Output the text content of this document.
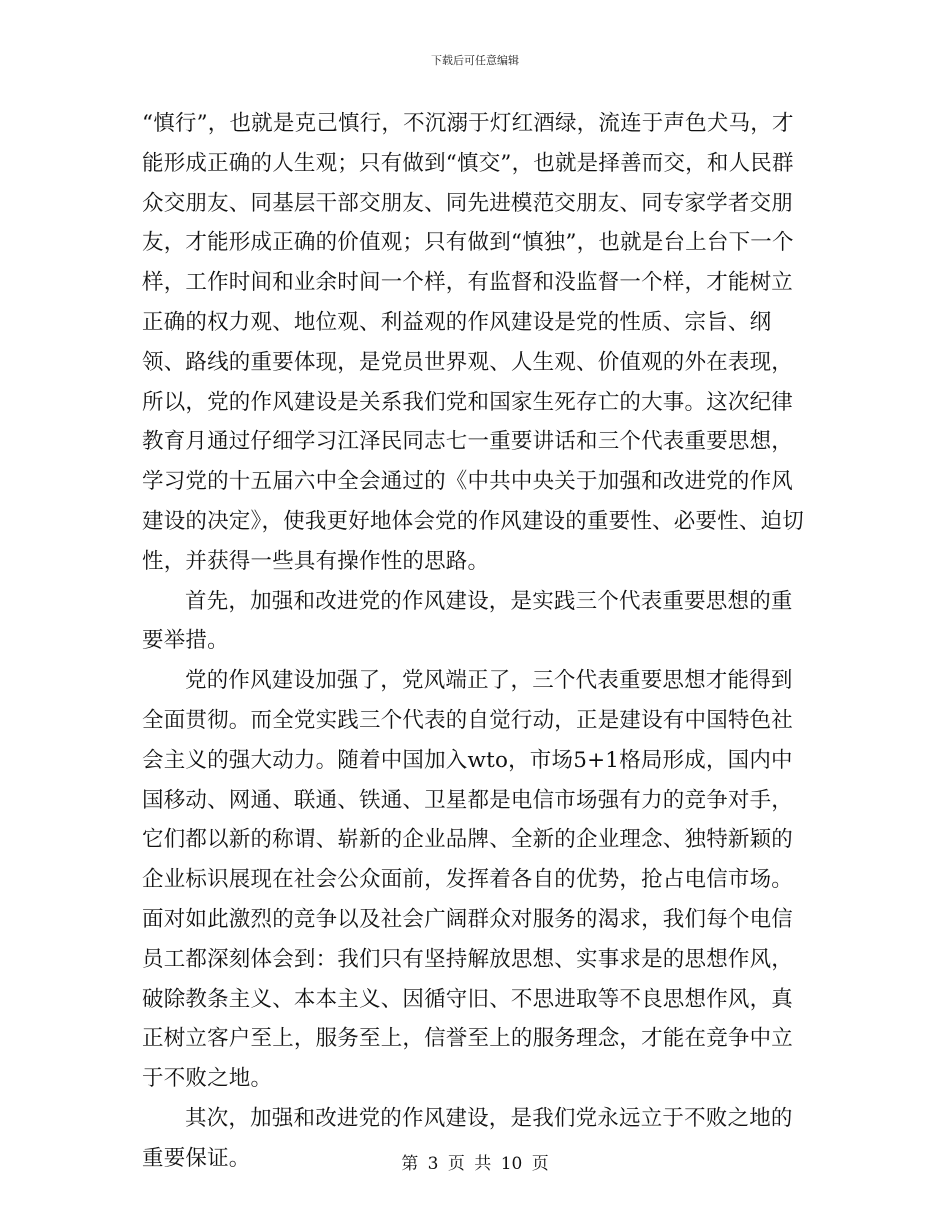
下载后可任意编辑

“慎行”，也就是克己慎行，不沉溺于灯红酒绿，流连于声色犬马，才能形成正确的人生观；只有做到“慎交”，也就是择善而交，和人民群众交朋友、同基层干部交朋友、同先进模范交朋友、同专家学者交朋友，才能形成正确的价值观；只有做到“慎独”，也就是台上台下一个样，工作时间和业余时间一个样，有监督和没监督一个样，才能树立正确的权力观、地位观、利益观的作风建设是党的性质、宗旨、纲领、路线的重要体现，是党员世界观、人生观、价值观的外在表现，所以，党的作风建设是关系我们党和国家生死存亡的大事。这次纪律教育月通过仔细学习江泽民同志七一重要讲话和三个代表重要思想，学习党的十五届六中全会通过的《中共中央关于加强和改进党的作风建设的决定》，使我更好地体会党的作风建设的重要性、必要性、迫切性，并获得一些具有操作性的思路。

首先，加强和改进党的作风建设，是实践三个代表重要思想的重要举措。

党的作风建设加强了，党风端正了，三个代表重要思想才能得到全面贯彻。而全党实践三个代表的自觉行动，正是建设有中国特色社会主义的强大动力。随着中国加入wto，市场5+1格局形成，国内中国移动、网通、联通、铁通、卫星都是电信市场强有力的竞争对手，它们都以新的称谓、崭新的企业品牌、全新的企业理念、独特新颖的企业标识展现在社会公众面前，发挥着各自的优势，抢占电信市场。面对如此激烈的竞争以及社会广阔群众对服务的渴求，我们每个电信员工都深刻体会到：我们只有坚持解放思想、实事求是的思想作风，破除教条主义、本本主义、因循守旧、不思进取等不良思想作风，真正树立客户至上，服务至上，信誉至上的服务理念，才能在竞争中立于不败之地。

其次，加强和改进党的作风建设，是我们党永远立于不败之地的重要保证。	第 3 页 共 10 页
